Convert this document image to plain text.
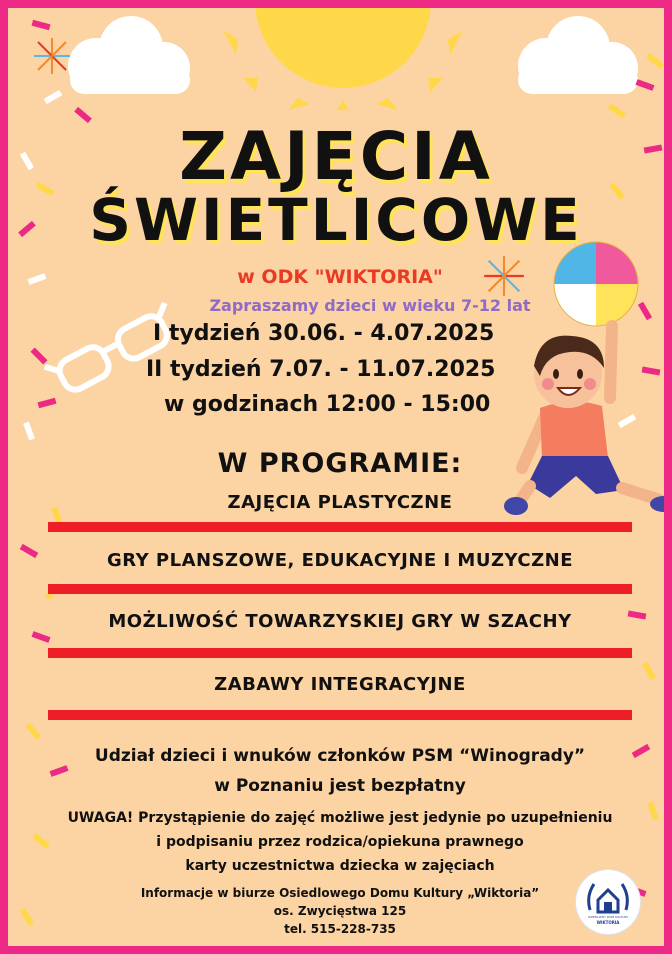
ZAJĘCIA
ŚWIETLICOWE
w ODK "WIKTORIA"
Zapraszamy dzieci w wieku 7-12 lat
I tydzień 30.06. - 4.07.2025
II tydzień 7.07. - 11.07.2025
w godzinach 12:00 - 15:00
W PROGRAMIE:
ZAJĘCIA PLASTYCZNE
GRY PLANSZOWE, EDUKACYJNE I MUZYCZNE
MOŻLIWOŚĆ TOWARZYSKIEJ GRY W SZACHY
ZABAWY INTEGRACYJNE
Udział dzieci i wnuków członków PSM “Winogrady”
w Poznaniu jest bezpłatny
UWAGA! Przystąpienie do zajęć możliwe jest jedynie po uzupełnieniu
i podpisaniu przez rodzica/opiekuna prawnego
karty uczestnictwa dziecka w zajęciach
Informacje w biurze Osiedlowego Domu Kultury „Wiktoria”
os. Zwycięstwa 125
tel. 515-228-735
OSIEDLOWY DOM KULTURY
WIKTORIA
